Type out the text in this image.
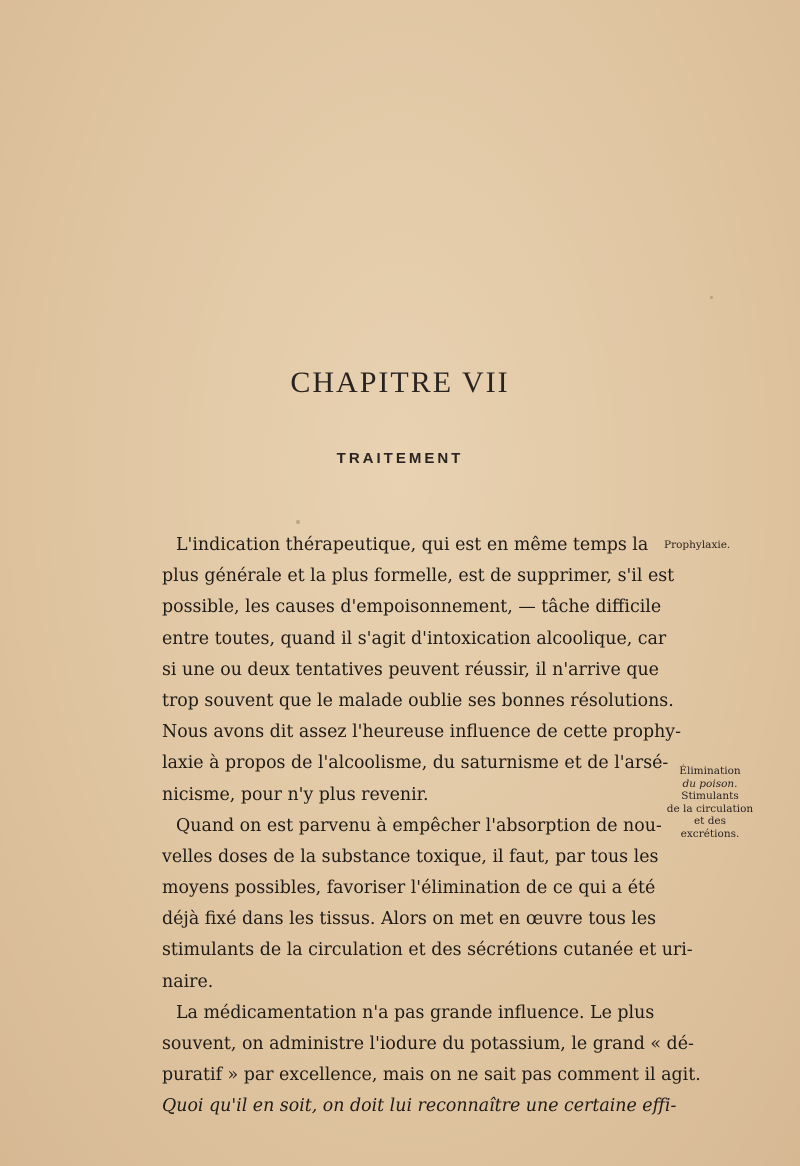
CHAPITRE VII
TRAITEMENT
L'indication thérapeutique, qui est en même temps la
plus générale et la plus formelle, est de supprimer, s'il est
possible, les causes d'empoisonnement, — tâche difficile
entre toutes, quand il s'agit d'intoxication alcoolique, car
si une ou deux tentatives peuvent réussir, il n'arrive que
trop souvent que le malade oublie ses bonnes résolutions.
Nous avons dit assez l'heureuse influence de cette prophy-
laxie à propos de l'alcoolisme, du saturnisme et de l'arsé-
nicisme, pour n'y plus revenir.
Quand on est parvenu à empêcher l'absorption de nou-
velles doses de la substance toxique, il faut, par tous les
moyens possibles, favoriser l'élimination de ce qui a été
déjà fixé dans les tissus. Alors on met en œuvre tous les
stimulants de la circulation et des sécrétions cutanée et uri-
naire.
La médicamentation n'a pas grande influence. Le plus
souvent, on administre l'iodure du potassium, le grand « dé-
puratif » par excellence, mais on ne sait pas comment il agit.
Quoi qu'il en soit, on doit lui reconnaître une certaine effi-
Prophylaxie.
Élimination
du poison.
Stimulants
de la circulation
et des
excrétions.
